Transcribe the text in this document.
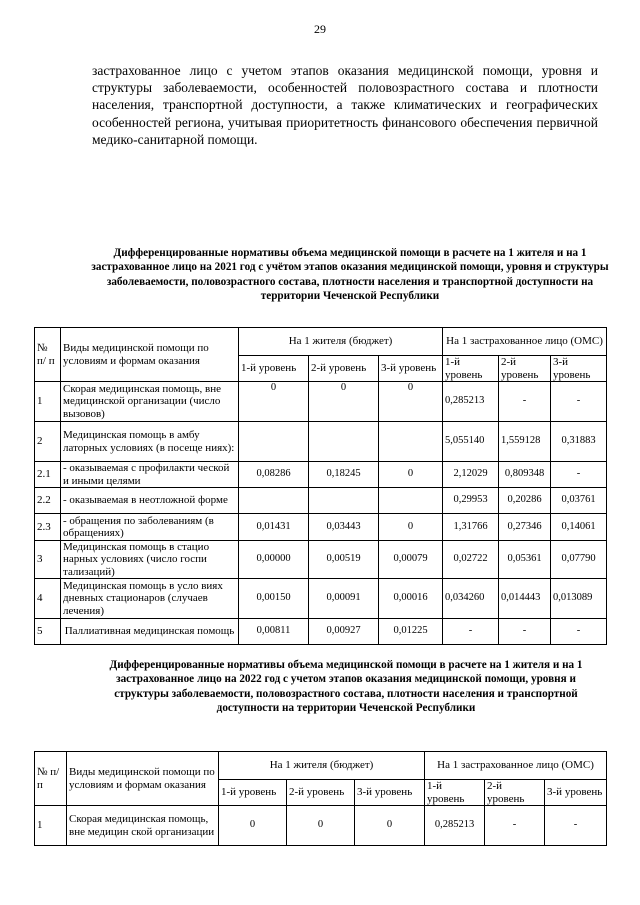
29

застрахованное лицо с учетом этапов оказания медицинской помощи, уровня и структуры заболеваемости, особенностей половозрастного состава и плотности населения, транспортной доступности, а также климатических и географических особенностей региона, учитывая приоритетность финансового обеспечения первичной медико-санитарной помощи.

Дифференцированные нормативы объема медицинской помощи в расчете на 1 жителя и на 1 застрахованное лицо на 2021 год с учётом этапов оказания медицинской помощи, уровня и структуры заболеваемости, половозрастного состава, плотности населения и транспортной доступности на территории Чеченской Республики

№ п/ п	Виды медицинской помощи по условиям и формам оказания	На 1 жителя (бюджет)			На 1 застрахованное лицо (ОМС)		
		1-й уровень	2-й уровень	3-й уровень	1-й уровень	2-й уровень	3-й уровень
1	Скорая медицинская помощь, вне медицинской организации (число вызовов)	0	0	0	0,285213	-	-
2	Медицинская помощь в амбу латорных условиях (в посеще ниях):				5,055140	1,559128	0,31883
2.1	- оказываемая с профилакти ческой и иными целями	0,08286	0,18245	0	2,12029	0,809348	-
2.2	- оказываемая в неотложной форме				0,29953	0,20286	0,03761
2.3	- обращения по заболеваниям (в обращениях)	0,01431	0,03443	0	1,31766	0,27346	0,14061
3	Медицинская помощь в стацио нарных условиях (число госпи тализаций)	0,00000	0,00519	0,00079	0,02722	0,05361	0,07790
4	Медицинская помощь в усло виях дневных стационаров (случаев лечения)	0,00150	0,00091	0,00016	0,034260	0,014443	0,013089
5	Паллиативная медицинская помощь	0,00811	0,00927	0,01225	-	-	-

Дифференцированные нормативы объема медицинской помощи в расчете на 1 жителя и на 1 застрахованное лицо на 2022 год с учетом этапов оказания медицинской помощи, уровня и структуры заболеваемости, половозрастного состава, плотности населения и транспортной доступности на территории Чеченской Республики

№ п/ п	Виды медицинской помощи по условиям и формам оказания	На 1 жителя (бюджет)			На 1 застрахованное лицо (ОМС)		
		1-й уровень	2-й уровень	3-й уровень	1-й уровень	2-й уровень	3-й уровень
1	Скорая медицинская помощь, вне медицин ской организации	0	0	0	0,285213	-	-
